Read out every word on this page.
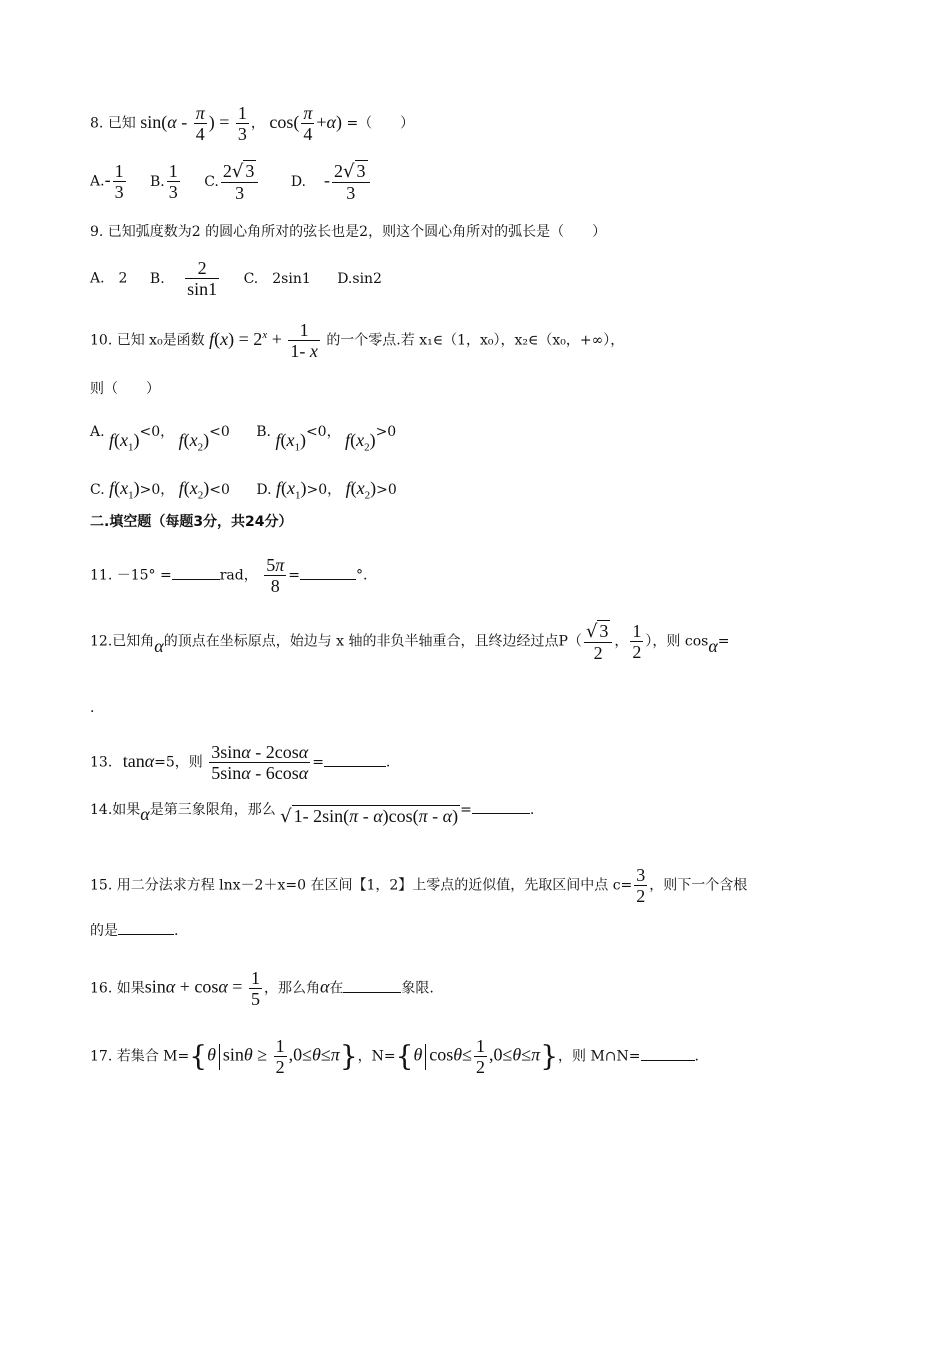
8. 已知 $\sin(\alpha - \frac{\pi}{4}$ ) = $\frac{1}{3}$ ， $\cos( \frac{\pi}{4} +\alpha)$ =（　　）
$A.- \frac{1}{3} B$. $\frac{1}{3} C$. $\frac{2√ 3}{3} D$. - $\frac{2√ 3}{3}$
9. 已知弧度数为2 的圆心角所对的弦长也是2，则这个圆心角所对的弧长是（　　）
A.　2 B. $\frac{2}{\sin 1} C$.　2sin1 D.sin2
10. 已知 x₀是函数 $f(x) = 2^x + \frac{1}{1- x}$ 的一个零点.若 x₁∈（1，x₀），x₂∈（x₀，+∞），
则（　　）
A. $f(x_1)<0$， $f(x_2)<0$ B. $f(x_1)<0$， $f(x_2)>0$
C. $f(x_1)>0$， $f(x_2)<0$ D. $f(x_1)>0$， $f(x_2)>0$
二.填空题（每题3分，共24分）
11. －15° =	rad， $\frac{5\pi}{8}$ =	°.
12.已知角α的顶点在坐标原点，始边与 x 轴的非负半轴重合，且终边经过点$P( \frac{√ 3}{2}$ ， $\frac{1}{2}$ ），则 cosα=
.
13. tanα=5，则 $\frac{3\sin\alpha - 2\cos\alpha}{5\sin\alpha - 6\cos\alpha}$ =	.
14.如果α是第三象限角，那么 √ 1- 2sin(π - α)cos(π - α) =	.
15. 用二分法求方程 lnx－2＋x=0 在区间【1，2】上零点的近似值，先取区间中点 $c= \frac{3}{2}$ ，则下一个含根
的是	.
16. 如果$\sin\alpha + \cos\alpha = \frac{1}{5}$ ，那么角α在	象限.
17. 若集合 M={θ $\sin\theta \ge \frac{1}{2} ,0\le\theta\le\pi$}，N={θ $\cos\theta\le \frac{1}{2} ,0\le\theta\le\pi$}，则 M∩N=	.
